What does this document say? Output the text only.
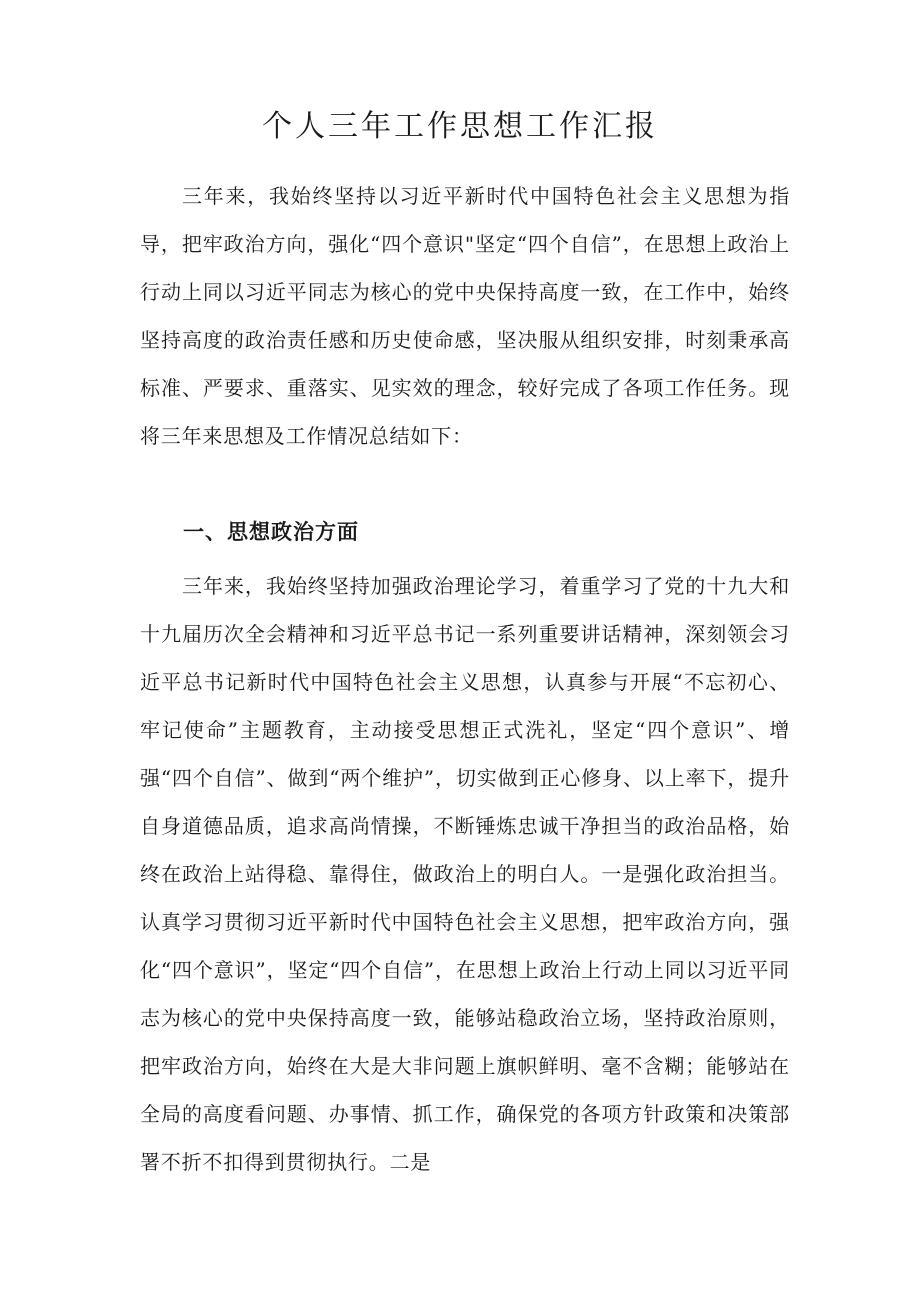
个人三年工作思想工作汇报

三年来，我始终坚持以习近平新时代中国特色社会主义思想为指导，把牢政治方向，强化“四个意识"坚定“四个自信”，在思想上政治上行动上同以习近平同志为核心的党中央保持高度一致，在工作中，始终坚持高度的政治责任感和历史使命感，坚决服从组织安排，时刻秉承高标准、严要求、重落实、见实效的理念，较好完成了各项工作任务。现将三年来思想及工作情况总结如下：

一、思想政治方面

三年来，我始终坚持加强政治理论学习，着重学习了党的十九大和十九届历次全会精神和习近平总书记一系列重要讲话精神，深刻领会习近平总书记新时代中国特色社会主义思想，认真参与开展“不忘初心、牢记使命”主题教育，主动接受思想正式洗礼，坚定“四个意识”、增强“四个自信”、做到“两个维护”，切实做到正心修身、以上率下，提升自身道德品质，追求高尚情操，不断锤炼忠诚干净担当的政治品格，始终在政治上站得稳、靠得住，做政治上的明白人。一是强化政治担当。认真学习贯彻习近平新时代中国特色社会主义思想，把牢政治方向，强化“四个意识”，坚定“四个自信”，在思想上政治上行动上同以习近平同志为核心的党中央保持高度一致，能够站稳政治立场，坚持政治原则，把牢政治方向，始终在大是大非问题上旗帜鲜明、毫不含糊；能够站在全局的高度看问题、办事情、抓工作，确保党的各项方针政策和决策部署不折不扣得到贯彻执行。二是
